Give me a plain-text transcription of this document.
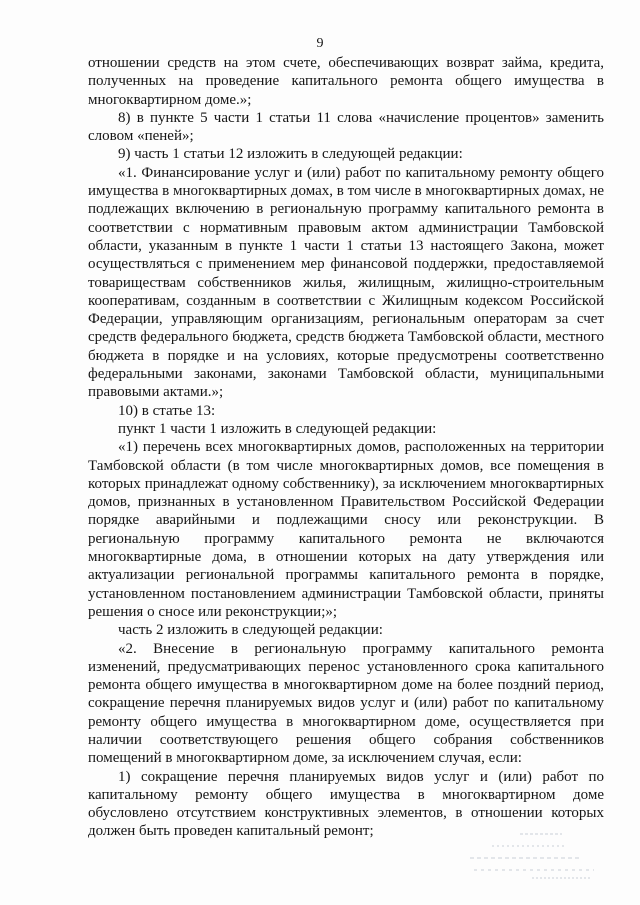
9

отношении средств на этом счете, обеспечивающих возврат займа, кредита, полученных на проведение капитального ремонта общего имущества в многоквартирном доме.»;

8) в пункте 5 части 1 статьи 11 слова «начисление процентов» заменить словом «пеней»;

9) часть 1 статьи 12 изложить в следующей редакции:

«1. Финансирование услуг и (или) работ по капитальному ремонту общего имущества в многоквартирных домах, в том числе в многоквартирных домах, не подлежащих включению в региональную программу капитального ремонта в соответствии с нормативным правовым актом администрации Тамбовской области, указанным в пункте 1 части 1 статьи 13 настоящего Закона, может осуществляться с применением мер финансовой поддержки, предоставляемой товариществам собственников жилья, жилищным, жилищно-строительным кооперативам, созданным в соответствии с Жилищным кодексом Российской Федерации, управляющим организациям, региональным операторам за счет средств федерального бюджета, средств бюджета Тамбовской области, местного бюджета в порядке и на условиях, которые предусмотрены соответственно федеральными законами, законами Тамбовской области, муниципальными правовыми актами.»;

10) в статье 13:

пункт 1 части 1 изложить в следующей редакции:

«1) перечень всех многоквартирных домов, расположенных на территории Тамбовской области (в том числе многоквартирных домов, все помещения в которых принадлежат одному собственнику), за исключением многоквартирных домов, признанных в установленном Правительством Российской Федерации порядке аварийными и подлежащими сносу или реконструкции. В региональную программу капитального ремонта не включаются многоквартирные дома, в отношении которых на дату утверждения или актуализации региональной программы капитального ремонта в порядке, установленном постановлением администрации Тамбовской области, приняты решения о сносе или реконструкции;»;

часть 2 изложить в следующей редакции:

«2. Внесение в региональную программу капитального ремонта изменений, предусматривающих перенос установленного срока капитального ремонта общего имущества в многоквартирном доме на более поздний период, сокращение перечня планируемых видов услуг и (или) работ по капитальному ремонту общего имущества в многоквартирном доме, осуществляется при наличии соответствующего решения общего собрания собственников помещений в многоквартирном доме, за исключением случая, если:

1) сокращение перечня планируемых видов услуг и (или) работ по капитальному ремонту общего имущества в многоквартирном доме обусловлено отсутствием конструктивных элементов, в отношении которых должен быть проведен капитальный ремонт;
